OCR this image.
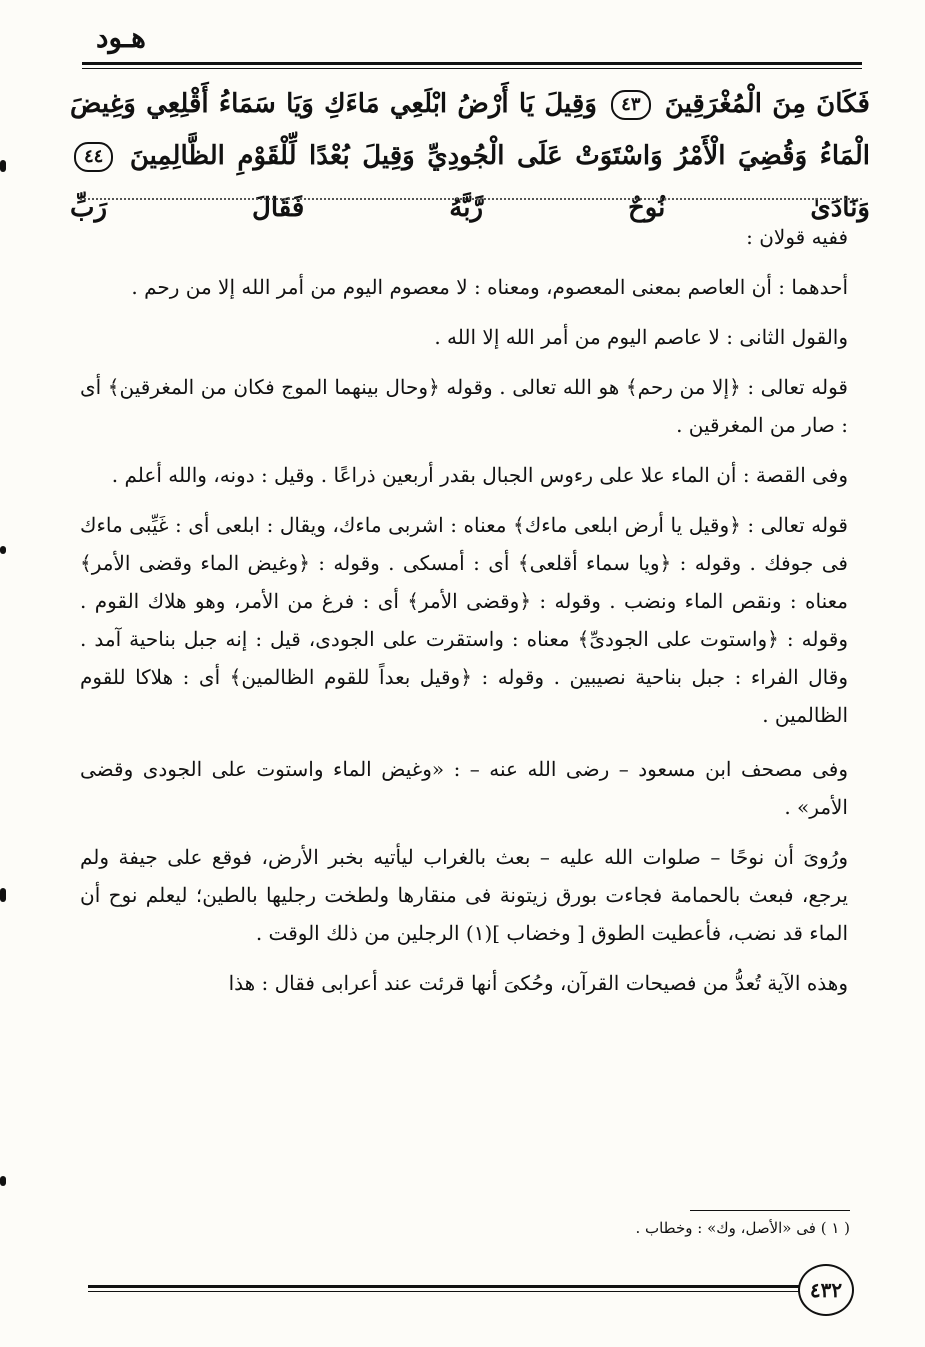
هـود
فَكَانَ مِنَ الْمُغْرَقِينَ ٤٣ وَقِيلَ يَا أَرْضُ ابْلَعِي مَاءَكِ وَيَا سَمَاءُ أَقْلِعِي وَغِيضَ الْمَاءُ وَقُضِيَ الْأَمْرُ وَاسْتَوَتْ عَلَى الْجُودِيِّ وَقِيلَ بُعْدًا لِّلْقَوْمِ الظَّالِمِينَ ٤٤ وَنَادَىٰ نُوحٌ رَّبَّهُ فَقَالَ رَبِّ

ففيه قولان :

أحدهما : أن العاصم بمعنى المعصوم، ومعناه : لا معصوم اليوم من أمر الله إلا من رحم .

والقول الثانى : لا عاصم اليوم من أمر الله إلا الله .

قوله تعالى : ﴿إلا من رحم﴾ هو الله تعالى . وقوله ﴿وحال بينهما الموج فكان من المغرقين﴾ أى : صار من المغرقين .

وفى القصة : أن الماء علا على رءوس الجبال بقدر أربعين ذراعًا . وقيل : دونه، والله أعلم .

قوله تعالى : ﴿وقيل يا أرض ابلعى ماءك﴾ معناه : اشربى ماءك، ويقال : ابلعى أى : غَيِّبى ماءك فى جوفك . وقوله : ﴿ويا سماء أقلعى﴾ أى : أمسكى . وقوله : ﴿وغيض الماء وقضى الأمر﴾ معناه : ونقص الماء ونضب . وقوله : ﴿وقضى الأمر﴾ أى : فرغ من الأمر، وهو هلاك القوم . وقوله : ﴿واستوت على الجودىِّ﴾ معناه : واستقرت على الجودى، قيل : إنه جبل بناحية آمد . وقال الفراء : جبل بناحية نصيبين . وقوله : ﴿وقيل بعداً للقوم الظالمين﴾ أى : هلاكا للقوم الظالمين .

وفى مصحف ابن مسعود – رضى الله عنه – : «وغيض الماء واستوت على الجودى وقضى الأمر» .

ورُوىَ أن نوحًا – صلوات الله عليه – بعث بالغراب ليأتيه بخبر الأرض، فوقع على جيفة ولم يرجع، فبعث بالحمامة فجاءت بورق زيتونة فى منقارها ولطخت رجليها بالطين؛ ليعلم نوح أن الماء قد نضب، فأعطيت الطوق [ وخضاب ](١) الرجلين من ذلك الوقت .

وهذه الآية تُعدُّ من فصيحات القرآن، وحُكىَ أنها قرئت عند أعرابى فقال : هذا

( ١ ) فى «الأصل، وك» : وخطاب .
٤٣٢
